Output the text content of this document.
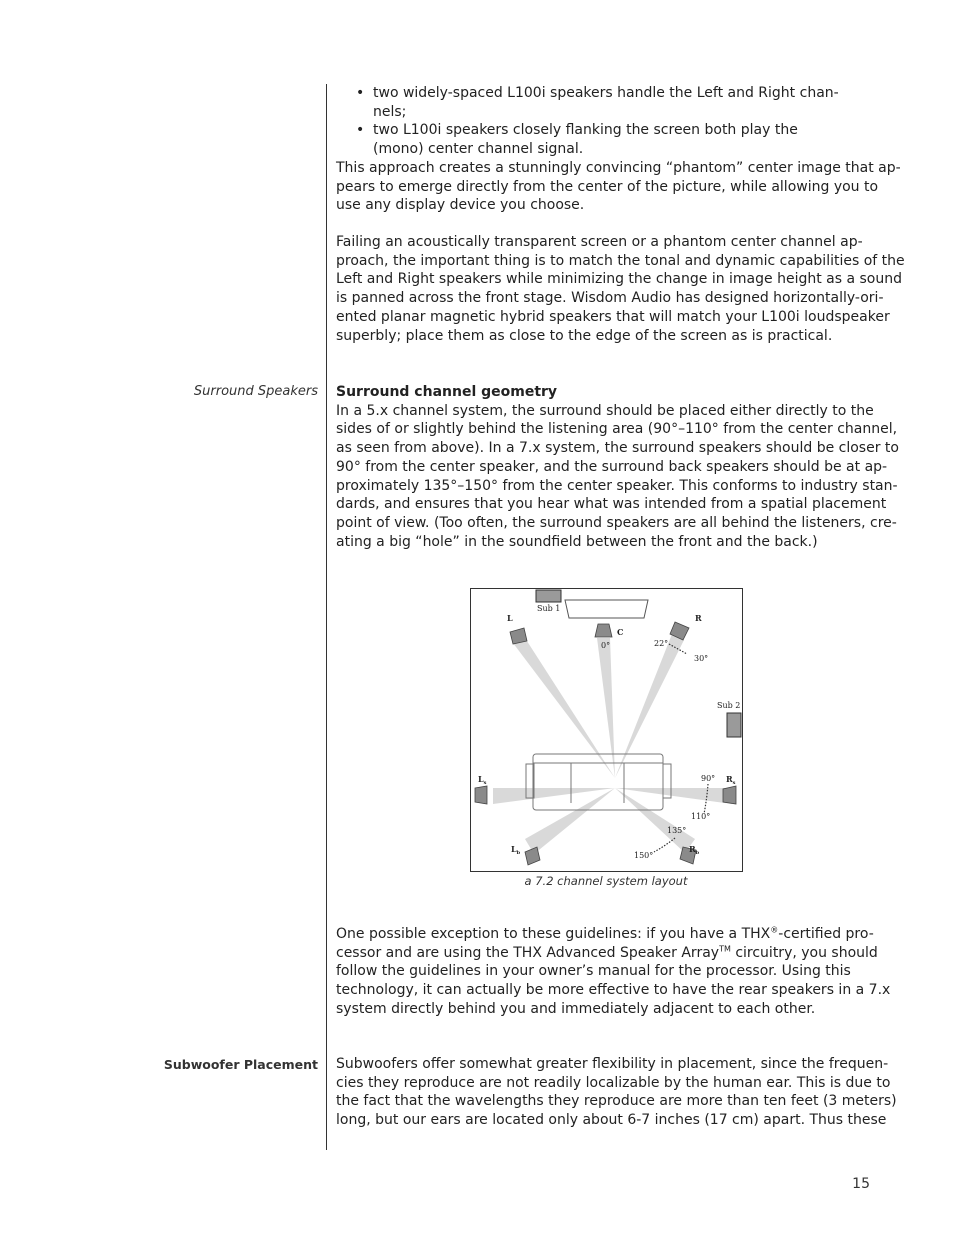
• two widely-spaced L100i speakers handle the Left and Right chan-
nels;
• two L100i speakers closely flanking the screen both play the
(mono) center channel signal.
This approach creates a stunningly convincing “phantom” center image that ap-
pears to emerge directly from the center of the picture, while allowing you to
use any display device you choose.
Failing an acoustically transparent screen or a phantom center channel ap-
proach, the important thing is to match the tonal and dynamic capabilities of the
Left and Right speakers while minimizing the change in image height as a sound
is panned across the front stage. Wisdom Audio has designed horizontally-ori-
ented planar magnetic hybrid speakers that will match your L100i loudspeaker
superbly; place them as close to the edge of the screen as is practical.
Surround Speakers Surround channel geometry
In a 5.x channel system, the surround should be placed either directly to the
sides of or slightly behind the listening area (90°–110° from the center channel,
as seen from above). In a 7.x system, the surround speakers should be closer to
90° from the center speaker, and the surround back speakers should be at ap-
proximately 135°–150° from the center speaker. This conforms to industry stan-
dards, and ensures that you hear what was intended from a spatial placement
point of view. (Too often, the surround speakers are all behind the listeners, cre-
ating a big “hole” in the soundfield between the front and the back.)
Sub 1
L
C
R
0°	22°
30°
Sub 2
90°
110°
135°
150°
$L_s$	$R_s$
$L_b$	$R_b$
a 7.2 channel system layout
One possible exception to these guidelines: if you have a THX®-certified pro-
cessor and are using the THX Advanced Speaker Array™ circuitry, you should
follow the guidelines in your owner’s manual for the processor. Using this
technology, it can actually be more effective to have the rear speakers in a 7.x
system directly behind you and immediately adjacent to each other.
Subwoofer Placement Subwoofers offer somewhat greater flexibility in placement, since the frequen-
cies they reproduce are not readily localizable by the human ear. This is due to
the fact that the wavelengths they reproduce are more than ten feet (3 meters)
long, but our ears are located only about 6-7 inches (17 cm) apart. Thus these
15
